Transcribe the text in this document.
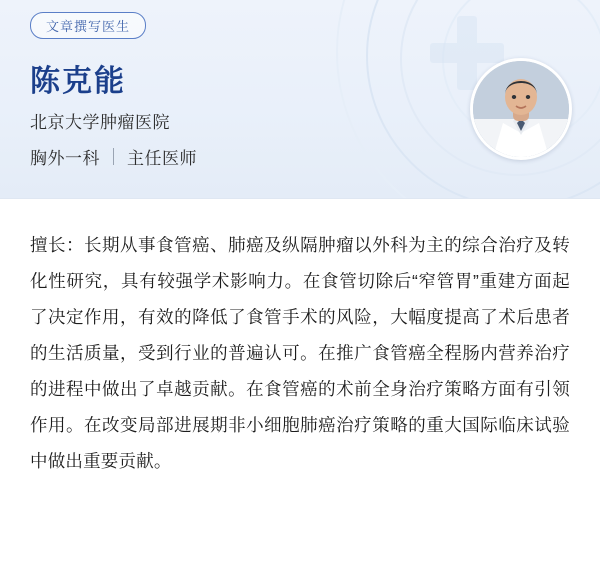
文章撰写医生
陈克能
北京大学肿瘤医院
胸外一科 主任医师
擅长：长期从事食管癌、肺癌及纵隔肿瘤以外科为主的综合治疗及转化性研究，具有较强学术影响力。在食管切除后“窄管胃”重建方面起了决定作用，有效的降低了食管手术的风险，大幅度提高了术后患者的生活质量，受到行业的普遍认可。在推广食管癌全程肠内营养治疗的进程中做出了卓越贡献。在食管癌的术前全身治疗策略方面有引领作用。在改变局部进展期非小细胞肺癌治疗策略的重大国际临床试验中做出重要贡献。
